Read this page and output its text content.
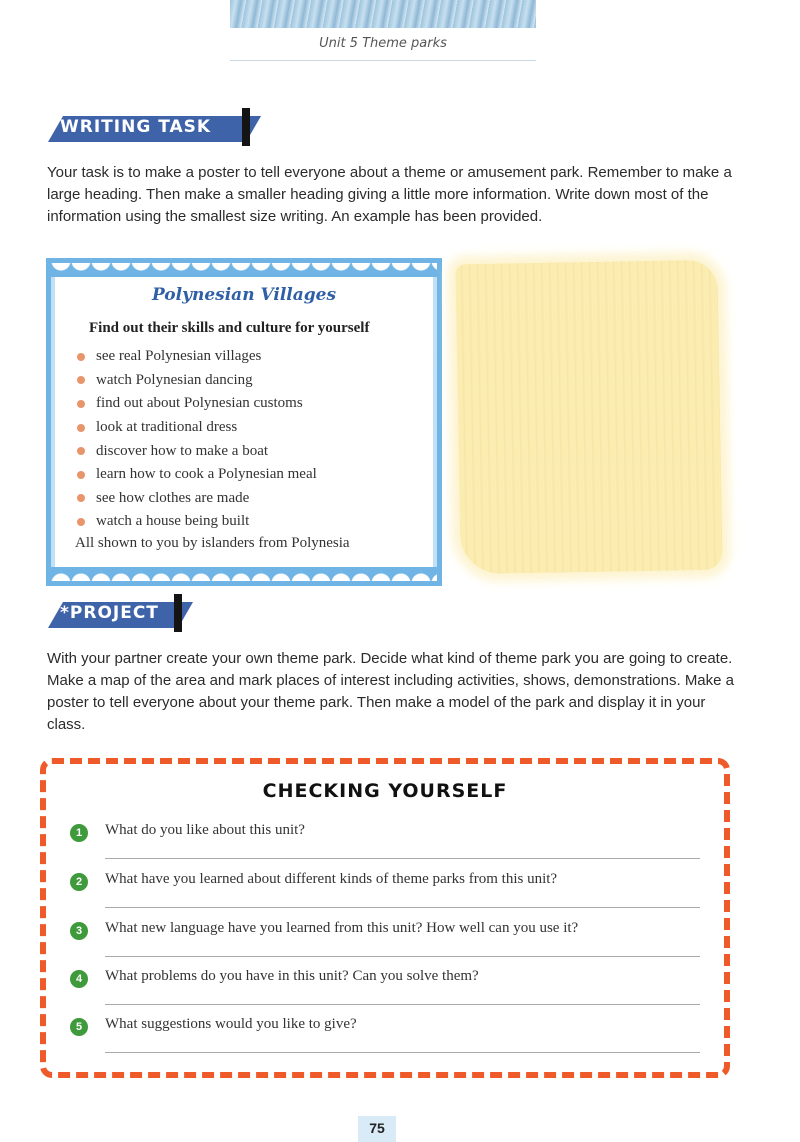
Unit 5 Theme parks
WRITING TASK
Your task is to make a poster to tell everyone about a theme or amusement park. Remember to make a large heading. Then make a smaller heading giving a little more information. Write down most of the information using the smallest size writing. An example has been provided.
Polynesian Villages
Find out their skills and culture for yourself
see real Polynesian villages
watch Polynesian dancing
find out about Polynesian customs
look at traditional dress
discover how to make a boat
learn how to cook a Polynesian meal
see how clothes are made
watch a house being built
All shown to you by islanders from Polynesia
*PROJECT
With your partner create your own theme park. Decide what kind of theme park you are going to create. Make a map of the area and mark places of interest including activities, shows, demonstrations. Make a poster to tell everyone about your theme park. Then make a model of the park and display it in your class.
CHECKING YOURSELF
1	What do you like about this unit?
2	What have you learned about different kinds of theme parks from this unit?
3	What new language have you learned from this unit? How well can you use it?
4	What problems do you have in this unit? Can you solve them?
5	What suggestions would you like to give?
75
